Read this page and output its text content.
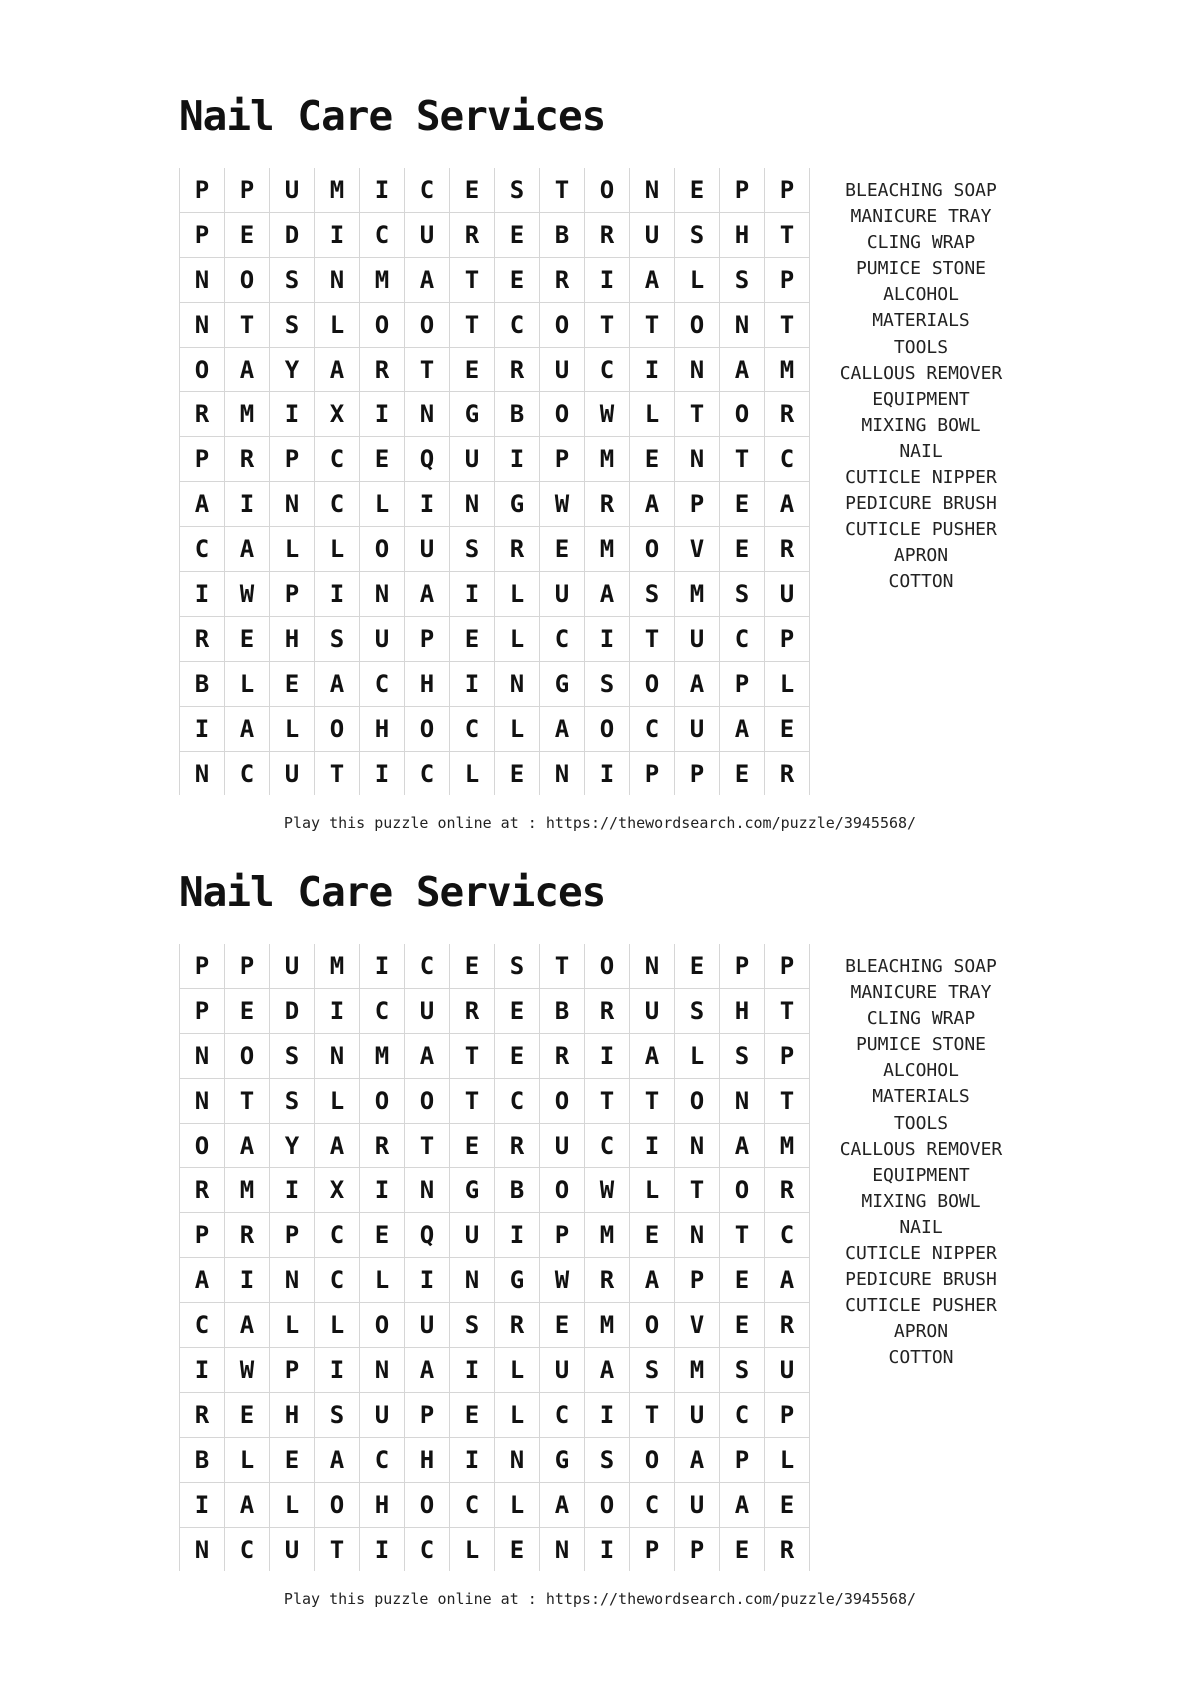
Nail Care Services
P	P	U	M	I	C	E	S	T	O	N	E	P	P
P	E	D	I	C	U	R	E	B	R	U	S	H	T
N	O	S	N	M	A	T	E	R	I	A	L	S	P
N	T	S	L	O	O	T	C	O	T	T	O	N	T
O	A	Y	A	R	T	E	R	U	C	I	N	A	M
R	M	I	X	I	N	G	B	O	W	L	T	O	R
P	R	P	C	E	Q	U	I	P	M	E	N	T	C
A	I	N	C	L	I	N	G	W	R	A	P	E	A
C	A	L	L	O	U	S	R	E	M	O	V	E	R
I	W	P	I	N	A	I	L	U	A	S	M	S	U
R	E	H	S	U	P	E	L	C	I	T	U	C	P
B	L	E	A	C	H	I	N	G	S	O	A	P	L
I	A	L	O	H	O	C	L	A	O	C	U	A	E
N	C	U	T	I	C	L	E	N	I	P	P	E	R
BLEACHING SOAP
MANICURE TRAY
CLING WRAP
PUMICE STONE
ALCOHOL
MATERIALS
TOOLS
CALLOUS REMOVER
EQUIPMENT
MIXING BOWL
NAIL
CUTICLE NIPPER
PEDICURE BRUSH
CUTICLE PUSHER
APRON
COTTON
Play this puzzle online at : https://thewordsearch.com/puzzle/3945568/
Nail Care Services
P	P	U	M	I	C	E	S	T	O	N	E	P	P
P	E	D	I	C	U	R	E	B	R	U	S	H	T
N	O	S	N	M	A	T	E	R	I	A	L	S	P
N	T	S	L	O	O	T	C	O	T	T	O	N	T
O	A	Y	A	R	T	E	R	U	C	I	N	A	M
R	M	I	X	I	N	G	B	O	W	L	T	O	R
P	R	P	C	E	Q	U	I	P	M	E	N	T	C
A	I	N	C	L	I	N	G	W	R	A	P	E	A
C	A	L	L	O	U	S	R	E	M	O	V	E	R
I	W	P	I	N	A	I	L	U	A	S	M	S	U
R	E	H	S	U	P	E	L	C	I	T	U	C	P
B	L	E	A	C	H	I	N	G	S	O	A	P	L
I	A	L	O	H	O	C	L	A	O	C	U	A	E
N	C	U	T	I	C	L	E	N	I	P	P	E	R
BLEACHING SOAP
MANICURE TRAY
CLING WRAP
PUMICE STONE
ALCOHOL
MATERIALS
TOOLS
CALLOUS REMOVER
EQUIPMENT
MIXING BOWL
NAIL
CUTICLE NIPPER
PEDICURE BRUSH
CUTICLE PUSHER
APRON
COTTON
Play this puzzle online at : https://thewordsearch.com/puzzle/3945568/
